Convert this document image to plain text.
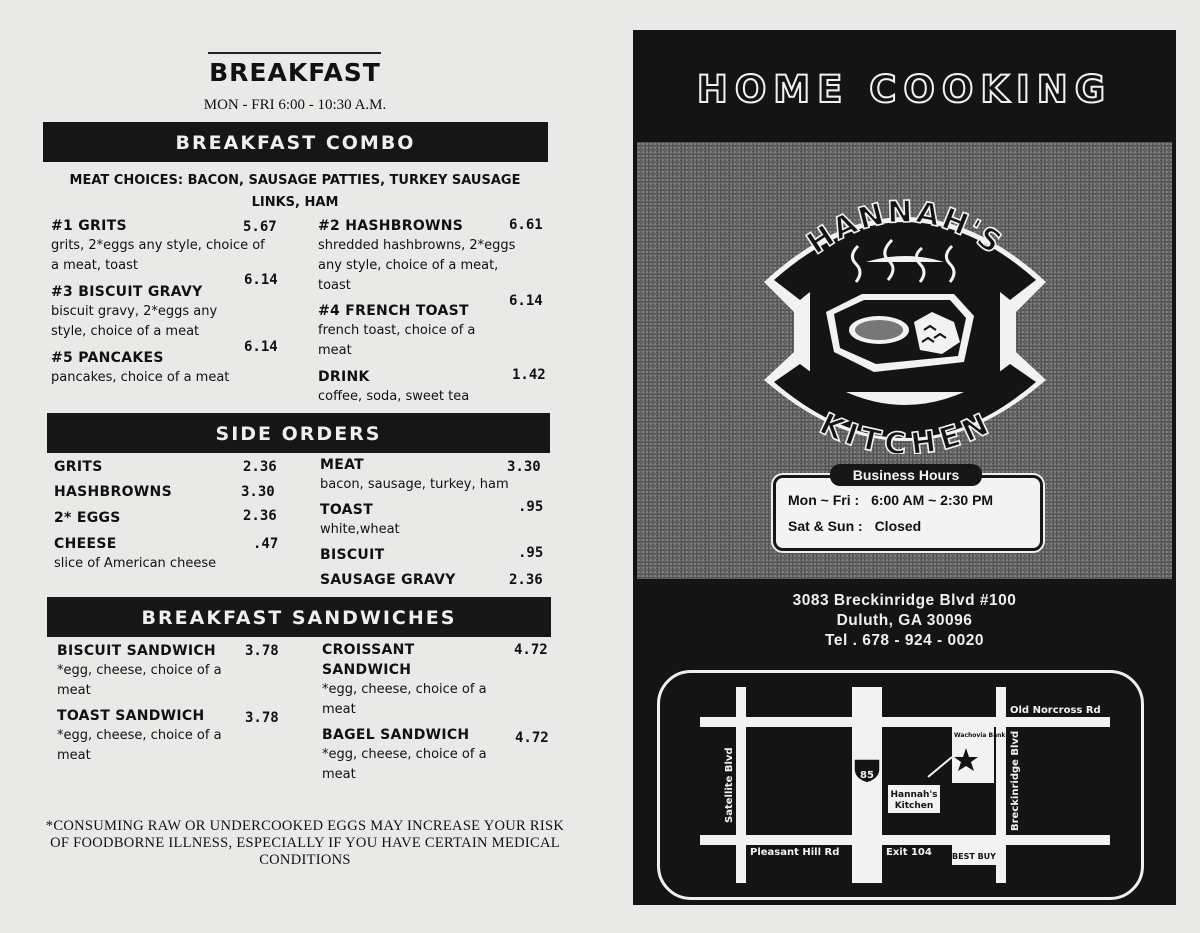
BREAKFAST
MON - FRI 6:00 - 10:30 A.M.
BREAKFAST COMBO
MEAT CHOICES: BACON, SAUSAGE PATTIES, TURKEY SAUSAGE LINKS, HAM
#1 GRITS
grits, 2*eggs any style, choice of a meat, toast
5.67
#3 BISCUIT GRAVY
biscuit gravy, 2*eggs any style, choice of a meat
6.14
#5 PANCAKES
pancakes, choice of a meat
6.14
#2 HASHBROWNS
shredded hashbrowns, 2*eggs any style, choice of a meat, toast
6.61
#4 FRENCH TOAST
french toast, choice of a meat
6.14
DRINK
coffee, soda, sweet tea
1.42
SIDE ORDERS
GRITS	2.36
HASHBROWNS	3.30
2* EGGS	2.36
CHEESE
slice of American cheese
.47
MEAT
bacon, sausage, turkey, ham
3.30
TOAST
white,wheat
.95
BISCUIT	.95
SAUSAGE GRAVY	2.36
BREAKFAST SANDWICHES
BISCUIT SANDWICH
*egg, cheese, choice of a meat
3.78
TOAST SANDWICH
*egg, cheese, choice of a meat
3.78
CROISSANT SANDWICH
*egg, cheese, choice of a meat
4.72
BAGEL SANDWICH
*egg, cheese, choice of a meat
4.72
*CONSUMING RAW OR UNDERCOOKED EGGS MAY INCREASE YOUR RISK OF FOODBORNE ILLNESS, ESPECIALLY IF YOU HAVE CERTAIN MEDICAL CONDITIONS
HOME COOKING
HANNAH'S
KITCHEN
Business Hours
Mon ~ Fri : 6:00 AM ~ 2:30 PM
Sat & Sun : Closed
3083 Breckinridge Blvd #100
Duluth, GA 30096
Tel . 678 - 924 - 0020
85
Old Norcross Rd
Satellite Blvd	Breckinridge Blvd
Pleasant Hill Rd	Exit 104
Wachovia Bank
Hannah's
Kitchen
BEST BUY
